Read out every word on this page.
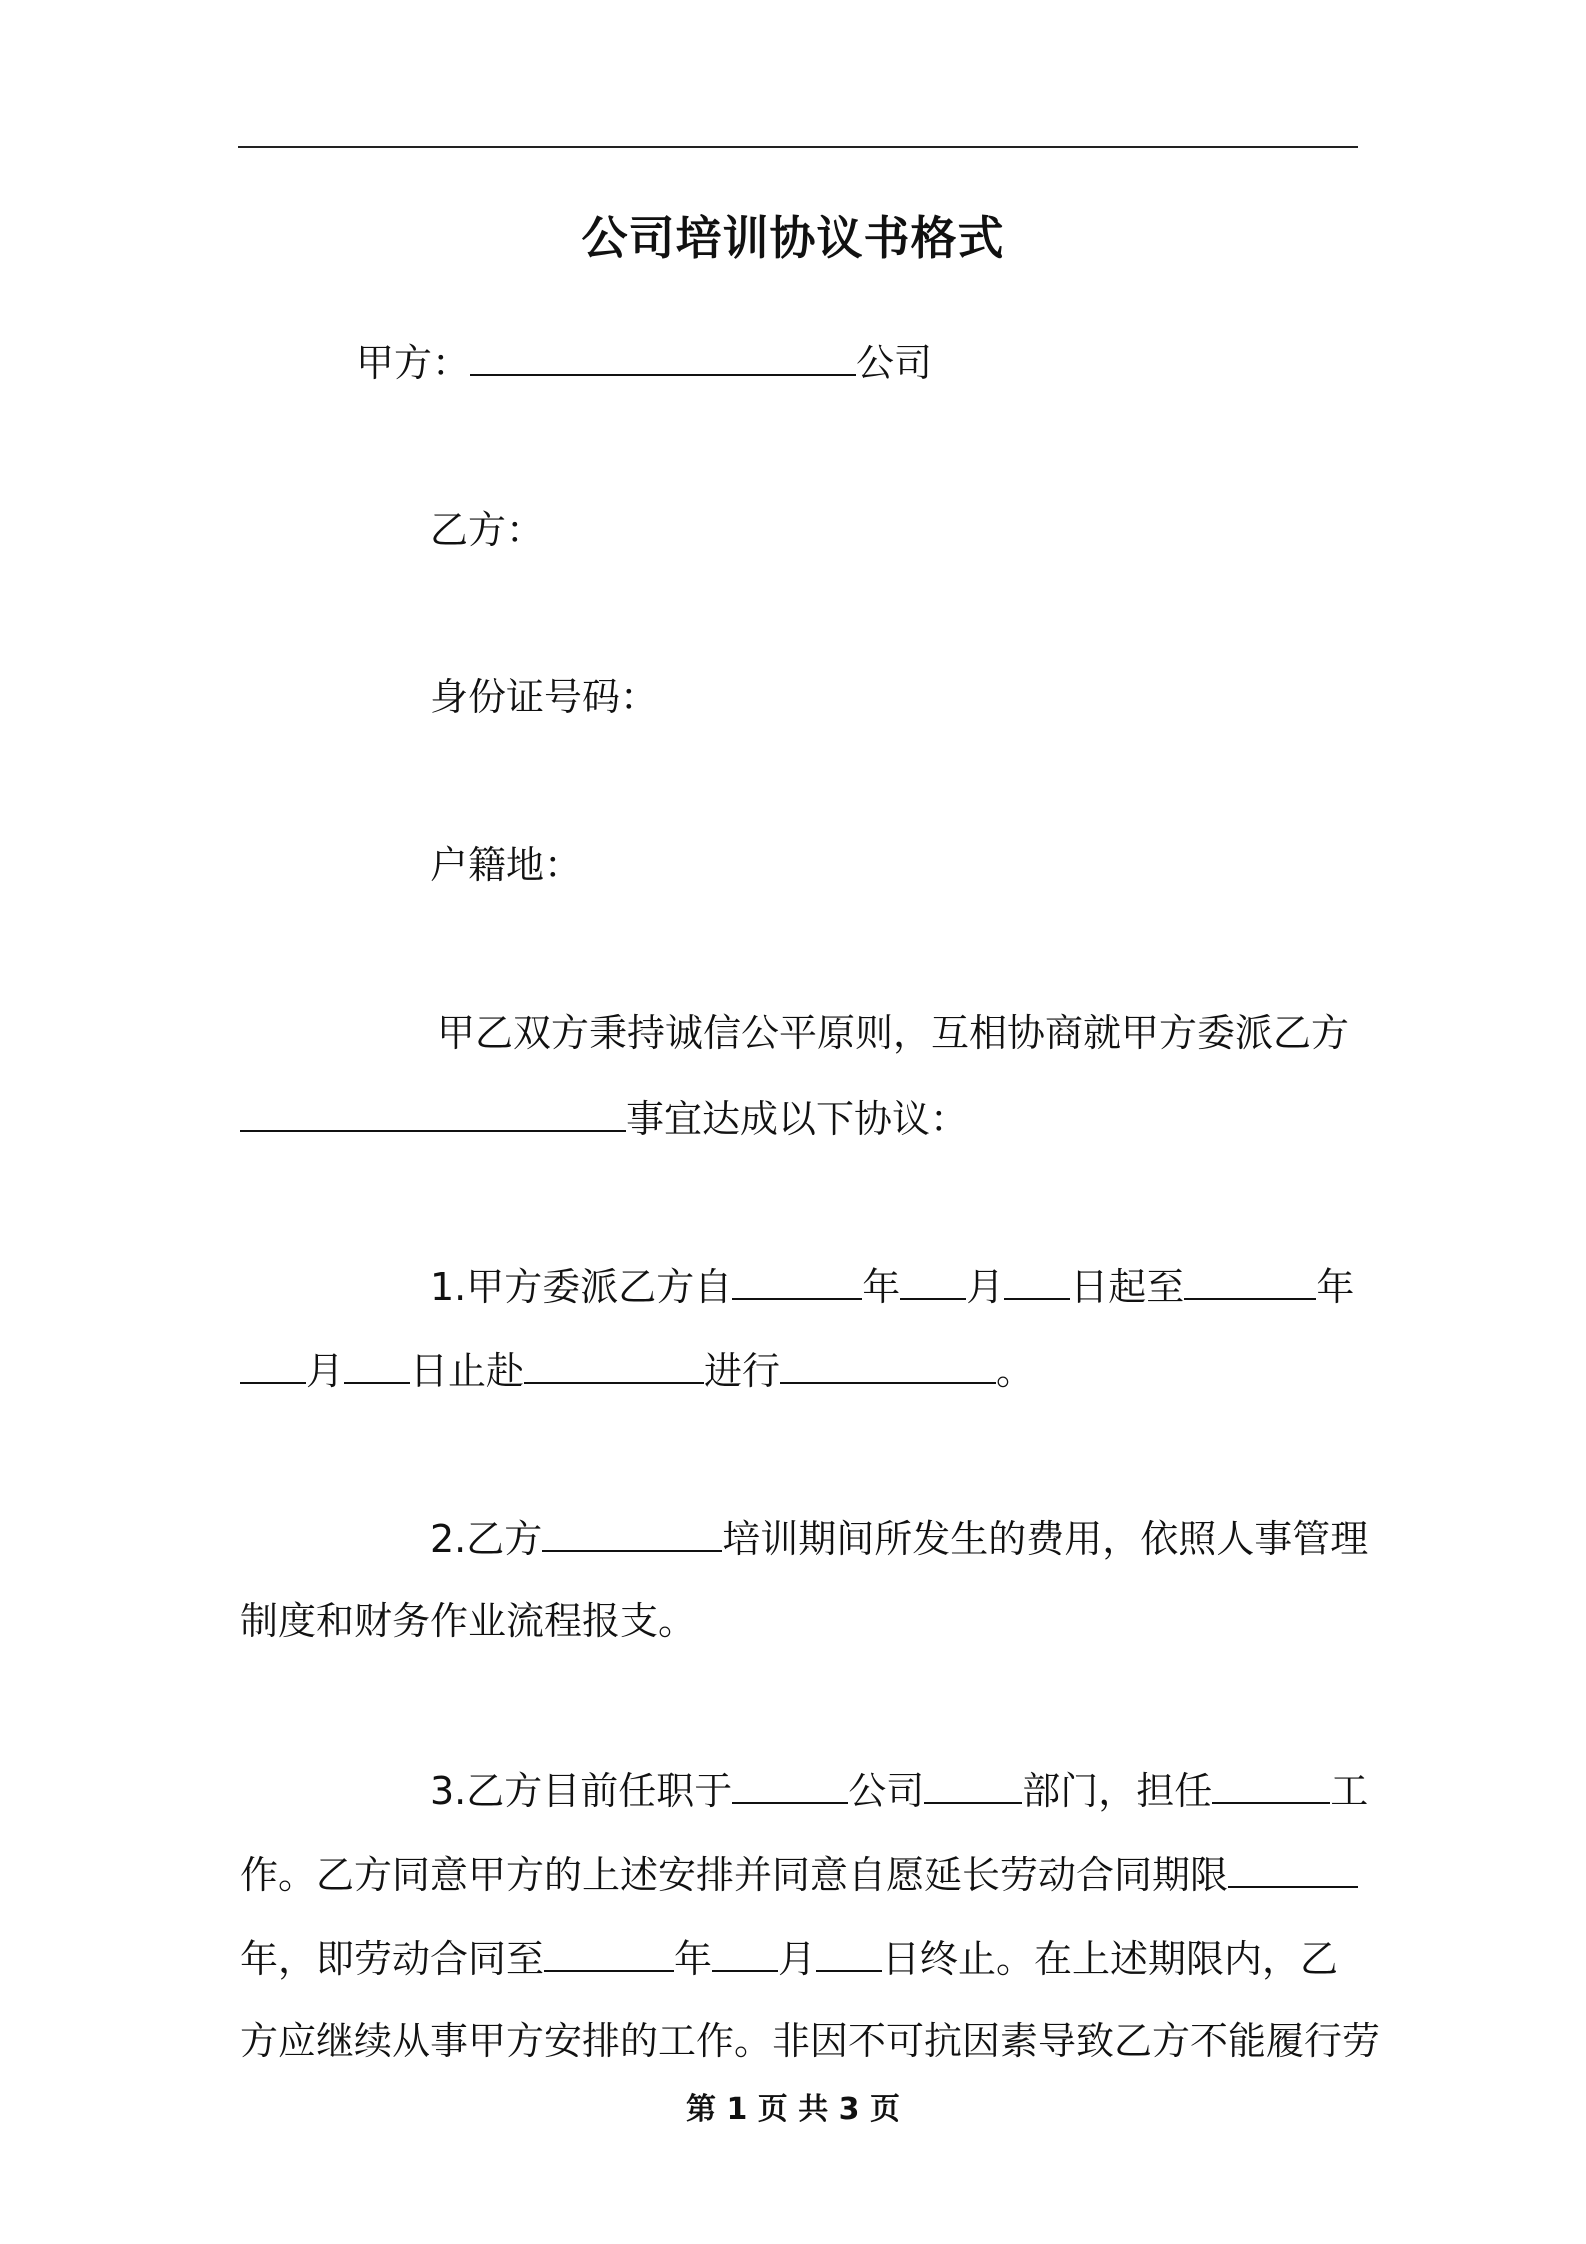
公司培训协议书格式
甲方：	公司
乙方：
身份证号码：
户籍地：
甲乙双方秉持诚信公平原则，互相协商就甲方委派乙方
事宜达成以下协议：
1.甲方委派乙方自	年 月 日起至	年
月 日止赴	进行	。
2.乙方	培训期间所发生的费用，依照人事管理
制度和财务作业流程报支。
3.乙方目前任职于	公司	部门，担任	工
作。乙方同意甲方的上述安排并同意自愿延长劳动合同期限
年，即劳动合同至	年 月 日终止。在上述期限内，乙
方应继续从事甲方安排的工作。非因不可抗因素导致乙方不能履行劳
第 1 页 共 3 页
